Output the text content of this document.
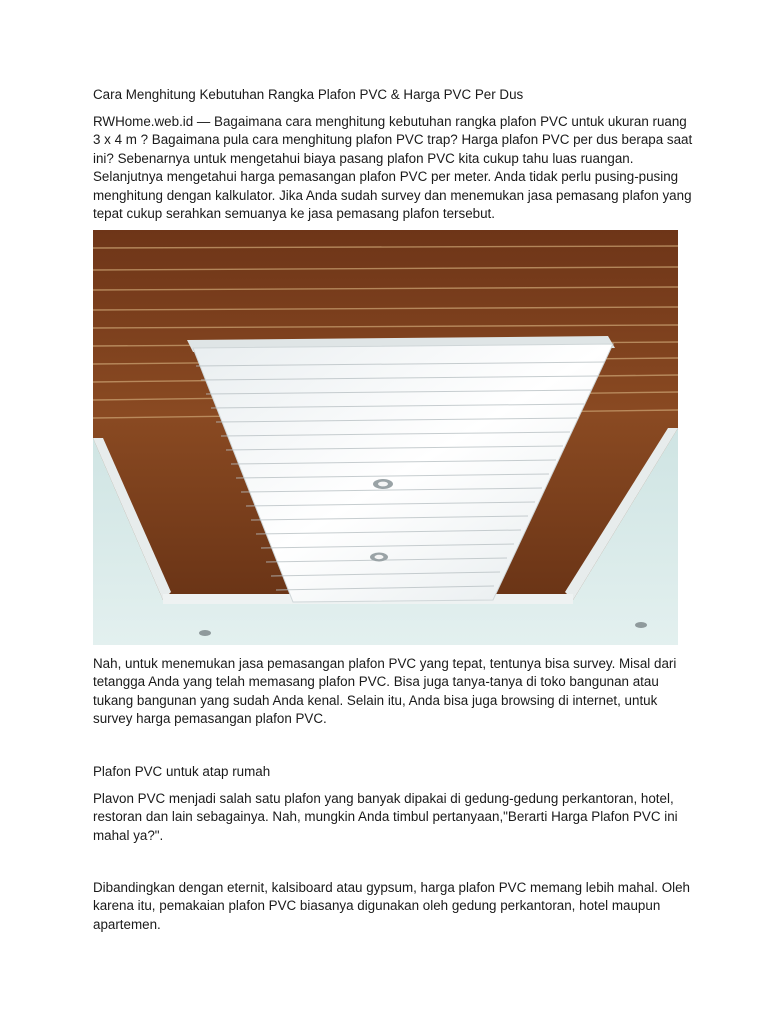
Cara Menghitung Kebutuhan Rangka Plafon PVC & Harga PVC Per Dus

RWHome.web.id — Bagaimana cara menghitung kebutuhan rangka plafon PVC untuk ukuran ruang
3 x 4 m ? Bagaimana pula cara menghitung plafon PVC trap? Harga plafon PVC per dus berapa saat
ini? Sebenarnya untuk mengetahui biaya pasang plafon PVC kita cukup tahu luas ruangan.
Selanjutnya mengetahui harga pemasangan plafon PVC per meter. Anda tidak perlu pusing-pusing
menghitung dengan kalkulator. Jika Anda sudah survey dan menemukan jasa pemasang plafon yang
tepat cukup serahkan semuanya ke jasa pemasang plafon tersebut.

Nah, untuk menemukan jasa pemasangan plafon PVC yang tepat, tentunya bisa survey. Misal dari
tetangga Anda yang telah memasang plafon PVC. Bisa juga tanya-tanya di toko bangunan atau
tukang bangunan yang sudah Anda kenal. Selain itu, Anda bisa juga browsing di internet, untuk
survey harga pemasangan plafon PVC.

Plafon PVC untuk atap rumah

Plavon PVC menjadi salah satu plafon yang banyak dipakai di gedung-gedung perkantoran, hotel,
restoran dan lain sebagainya. Nah, mungkin Anda timbul pertanyaan,"Berarti Harga Plafon PVC ini
mahal ya?".

Dibandingkan dengan eternit, kalsiboard atau gypsum, harga plafon PVC memang lebih mahal. Oleh
karena itu, pemakaian plafon PVC biasanya digunakan oleh gedung perkantoran, hotel maupun
apartemen.
